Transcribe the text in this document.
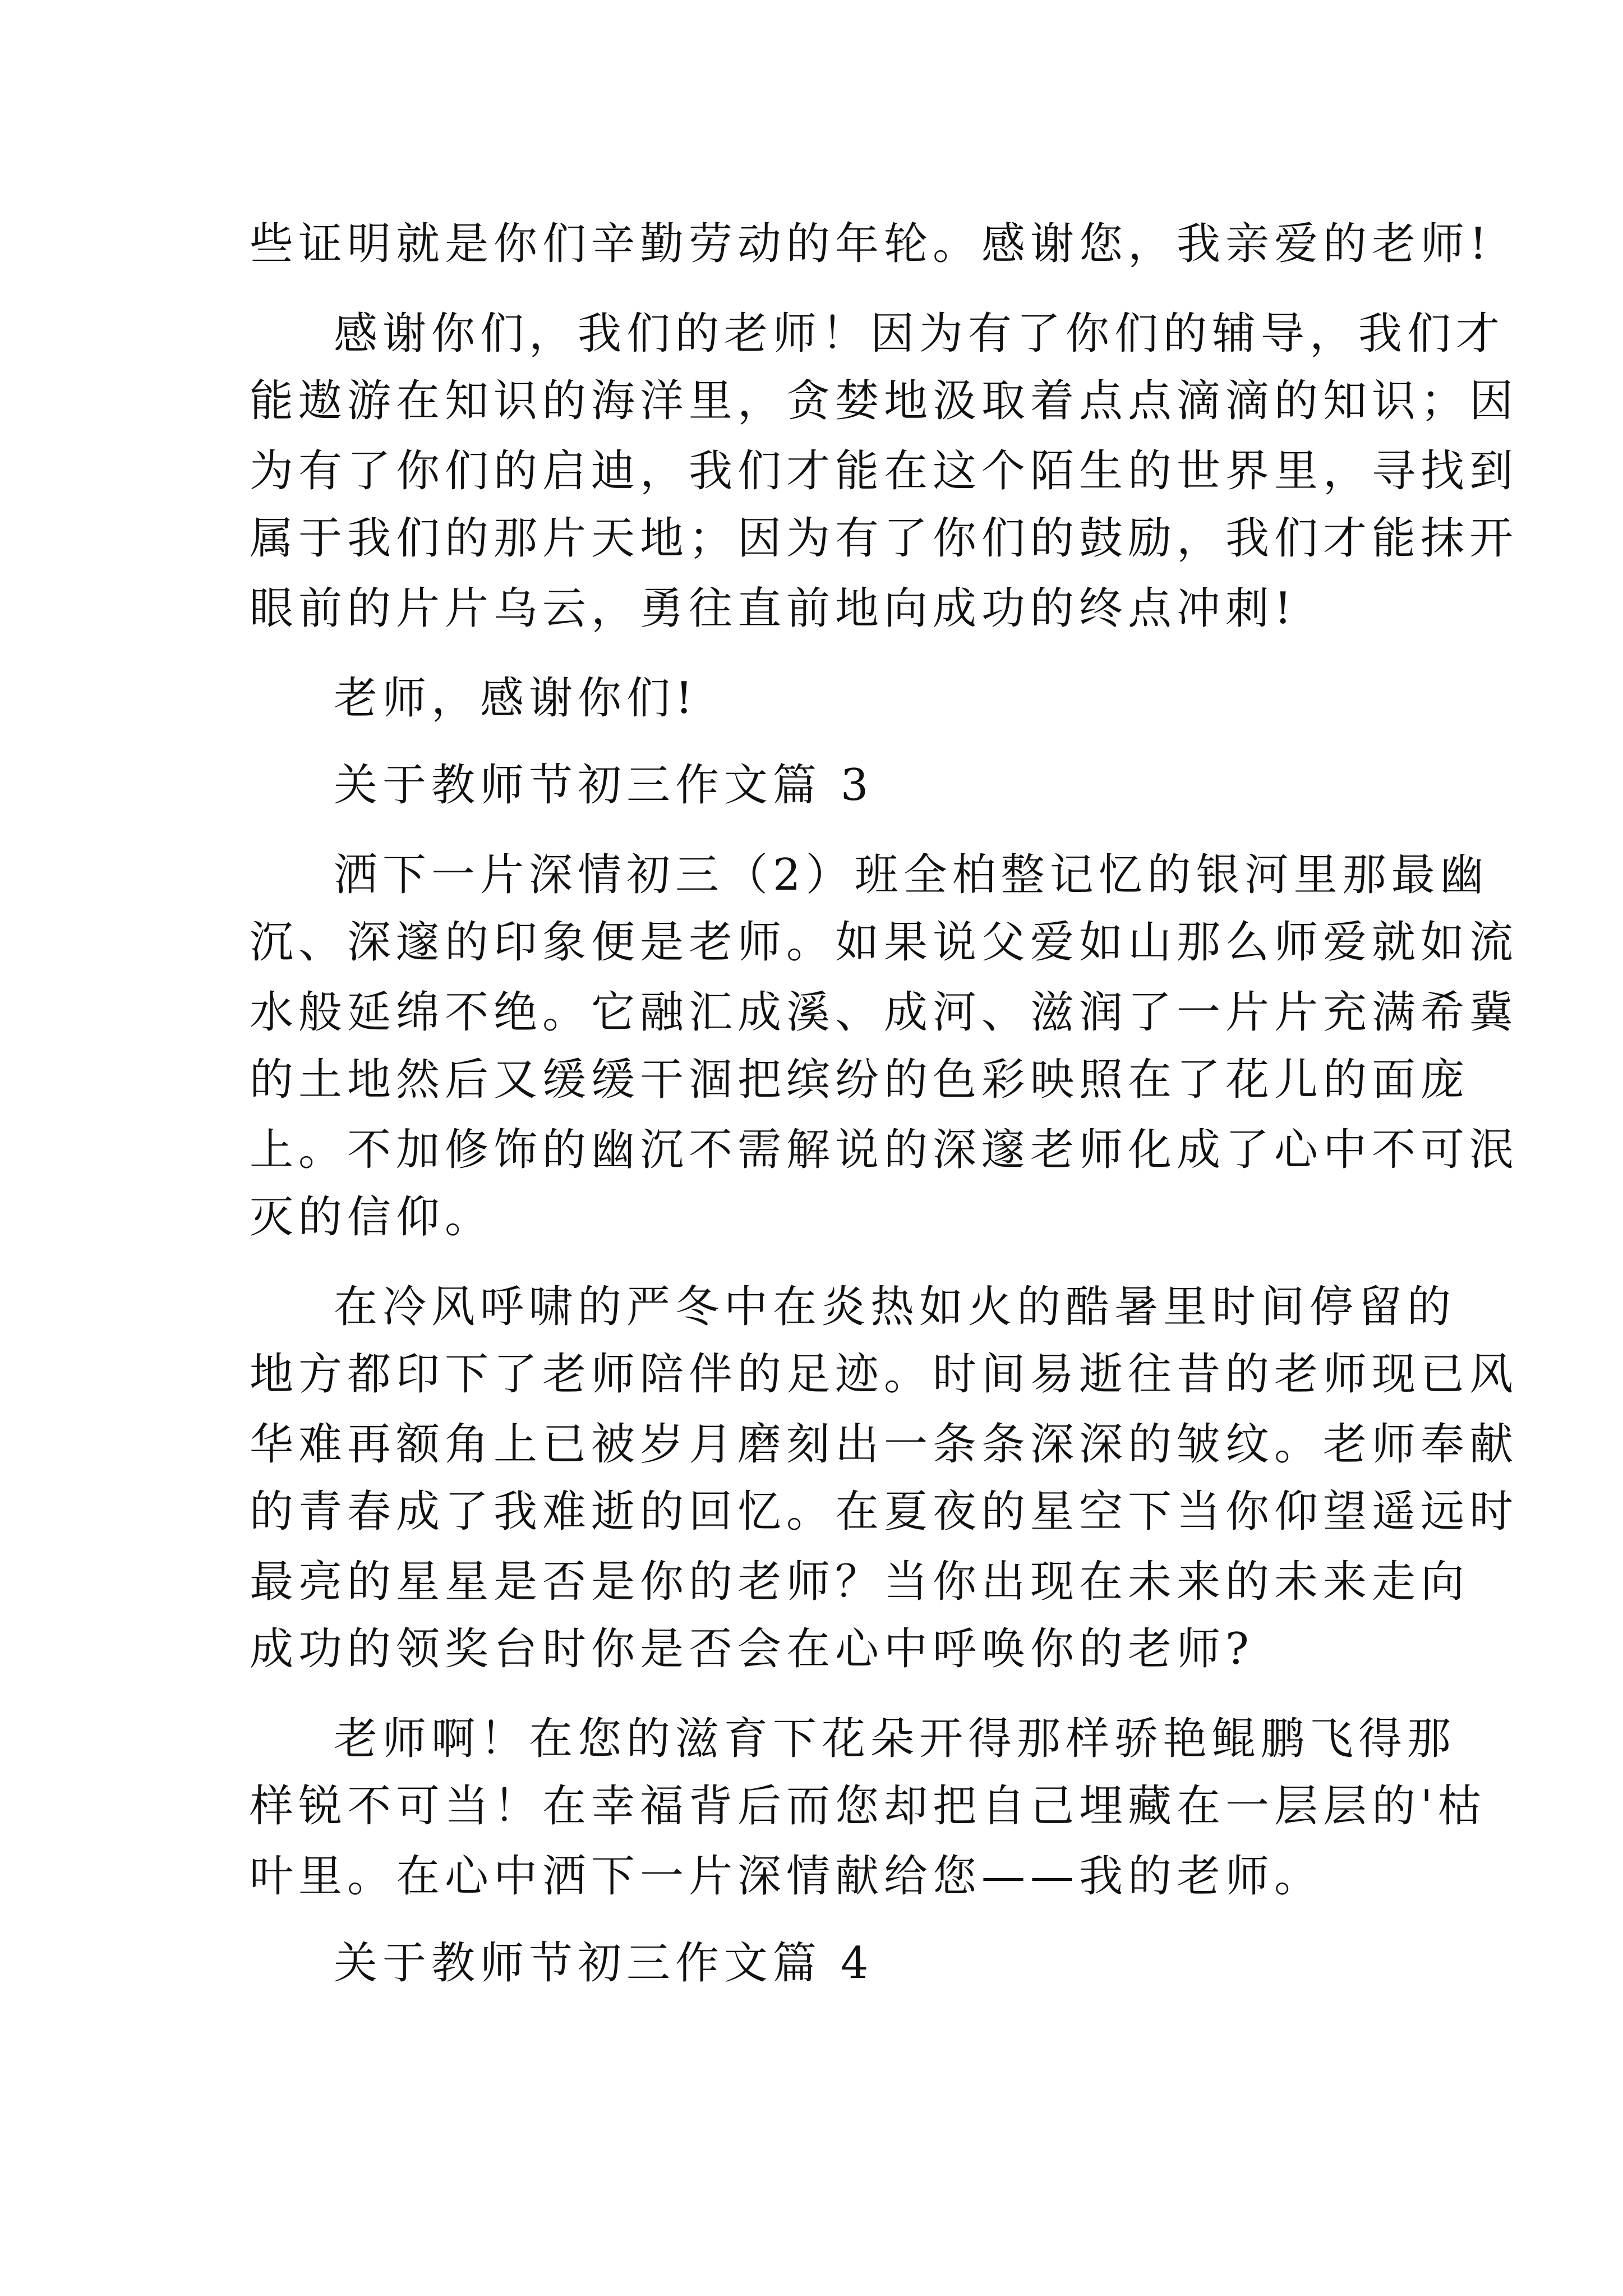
些证明就是你们辛勤劳动的年轮。感谢您，我亲爱的老师!
感谢你们，我们的老师！因为有了你们的辅导，我们才
能遨游在知识的海洋里，贪婪地汲取着点点滴滴的知识；因
为有了你们的启迪，我们才能在这个陌生的世界里，寻找到
属于我们的那片天地；因为有了你们的鼓励，我们才能抹开
眼前的片片乌云，勇往直前地向成功的终点冲刺!
老师，感谢你们!
关于教师节初三作文篇 3
洒下一片深情初三（2）班全柏整记忆的银河里那最幽
沉、深邃的印象便是老师。如果说父爱如山那么师爱就如流
水般延绵不绝。它融汇成溪、成河、滋润了一片片充满希冀
的土地然后又缓缓干涸把缤纷的色彩映照在了花儿的面庞
上。不加修饰的幽沉不需解说的深邃老师化成了心中不可泯
灭的信仰。
在冷风呼啸的严冬中在炎热如火的酷暑里时间停留的
地方都印下了老师陪伴的足迹。时间易逝往昔的老师现已风
华难再额角上已被岁月磨刻出一条条深深的皱纹。老师奉献
的青春成了我难逝的回忆。在夏夜的星空下当你仰望遥远时
最亮的星星是否是你的老师？当你出现在未来的未来走向
成功的领奖台时你是否会在心中呼唤你的老师?
老师啊！在您的滋育下花朵开得那样骄艳鲲鹏飞得那
样锐不可当！在幸福背后而您却把自己埋藏在一层层的'枯
叶里。在心中洒下一片深情献给您——我的老师。
关于教师节初三作文篇 4
